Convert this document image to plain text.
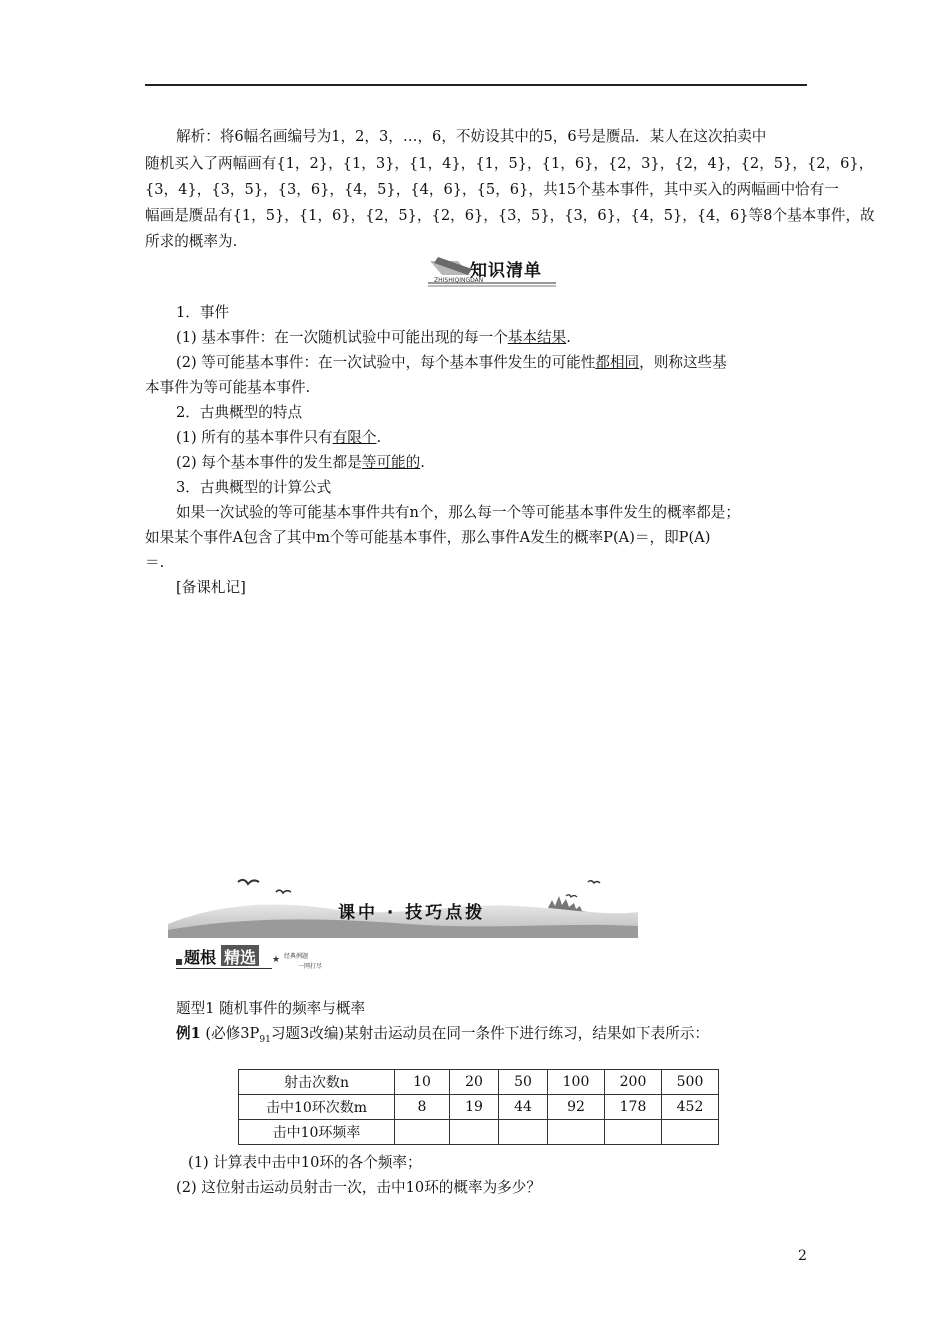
解析：将6幅名画编号为1，2，3，…，6，不妨设其中的5，6号是赝品．某人在这次拍卖中
随机买入了两幅画有{1，2}，{1，3}，{1，4}，{1，5}，{1，6}，{2，3}，{2，4}，{2，5}，{2，6}，
{3，4}，{3，5}，{3，6}，{4，5}，{4，6}，{5，6}，共15个基本事件，其中买入的两幅画中恰有一
幅画是赝品有{1，5}，{1，6}，{2，5}，{2，6}，{3，5}，{3，6}，{4，5}，{4，6}等8个基本事件，故
所求的概率为.
知识清单
ZHISHIQINGDAN
1．事件
(1) 基本事件：在一次随机试验中可能出现的每一个基本结果.
(2) 等可能基本事件：在一次试验中，每个基本事件发生的可能性都相同，则称这些基
本事件为等可能基本事件.
2．古典概型的特点
(1) 所有的基本事件只有有限个.
(2) 每个基本事件的发生都是等可能的.
3．古典概型的计算公式
如果一次试验的等可能基本事件共有n个，那么每一个等可能基本事件发生的概率都是；
如果某个事件A包含了其中m个等可能基本事件，那么事件A发生的概率P(A)＝，即P(A)
＝.
[备课札记]
课中 · 技巧点拨
题根 精选	★ 经典例题
一网打尽
题型1 随机事件的频率与概率
例1 (必修$3P_{91}$习题3改编)某射击运动员在同一条件下进行练习，结果如下表所示：
射击次数n	10	20	50	100	200	500
击中10环次数m	8	19	44	92	178	452
击中10环频率						
(1) 计算表中击中10环的各个频率；
(2) 这位射击运动员射击一次，击中10环的概率为多少？
2
